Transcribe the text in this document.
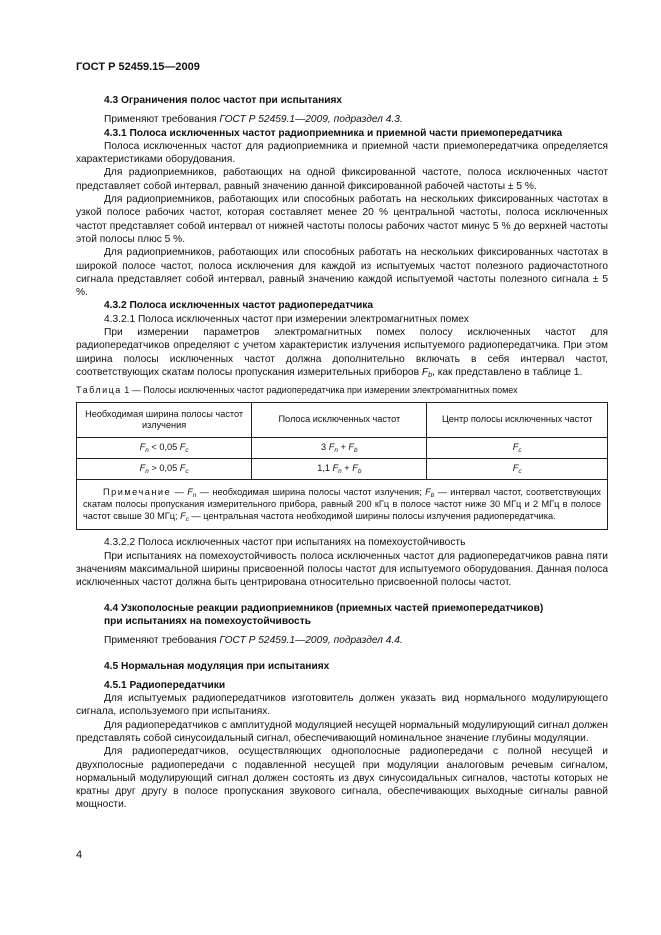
ГОСТ Р 52459.15—2009

4.3 Ограничения полос частот при испытаниях

Применяют требования ГОСТ Р 52459.1—2009, подраздел 4.3.

4.3.1 Полоса исключенных частот радиоприемника и приемной части приемопередатчика

Полоса исключенных частот для радиоприемника и приемной части приемопередатчика определяется характеристиками оборудования.

Для радиоприемников, работающих на одной фиксированной частоте, полоса исключенных частот представляет собой интервал, равный значению данной фиксированной рабочей частоты ± 5 %.

Для радиоприемников, работающих или способных работать на нескольких фиксированных частотах в узкой полосе рабочих частот, которая составляет менее 20 % центральной частоты, полоса исключенных частот представляет собой интервал от нижней частоты полосы рабочих частот минус 5 % до верхней частоты этой полосы плюс 5 %.

Для радиоприемников, работающих или способных работать на нескольких фиксированных частотах в широкой полосе частот, полоса исключения для каждой из испытуемых частот полезного радиочастотного сигнала представляет собой интервал, равный значению каждой испытуемой частоты полезного сигнала ± 5 %.

4.3.2 Полоса исключенных частот радиопередатчика

4.3.2.1 Полоса исключенных частот при измерении электромагнитных помех

При измерении параметров электромагнитных помех полосу исключенных частот для радиопередатчиков определяют с учетом характеристик излучения испытуемого радиопередатчика. При этом ширина полосы исключенных частот должна дополнительно включать в себя интервал частот, соответствующих скатам полосы пропускания измерительных приборов $F_b$, как представлено в таблице 1.

Таблица 1 — Полосы исключенных частот радиопередатчика при измерении электромагнитных помех
Необходимая ширина полосы частот излучения	Полоса исключенных частот	Центр полосы исключенных частот
$F_n < 0,05$ $F_c$	3 $F_n + F_b$	$F_c$
$F_n > 0,05$ $F_c$	1,1 $F_n + F_b$	$F_c$
Примечание — $F_n$ — необходимая ширина полосы частот излучения; $F_b$ — интервал частот, соответствующих скатам полосы пропускания измерительного прибора, равный 200 кГц в полосе частот ниже 30 МГц и 2 МГц в полосе частот свыше 30 МГц; $F_c$ — центральная частота необходимой ширины полосы излучения радиопередатчика.		

4.3.2.2 Полоса исключенных частот при испытаниях на помехоустойчивость

При испытаниях на помехоустойчивость полоса исключенных частот для радиопередатчиков равна пяти значениям максимальной ширины присвоенной полосы частот для испытуемого оборудования. Данная полоса исключенных частот должна быть центрирована относительно присвоенной полосы частот.

4.4 Узкополосные реакции радиоприемников (приемных частей приемопередатчиков)

при испытаниях на помехоустойчивость

Применяют требования ГОСТ Р 52459.1—2009, подраздел 4.4.

4.5 Нормальная модуляция при испытаниях

4.5.1 Радиопередатчики

Для испытуемых радиопередатчиков изготовитель должен указать вид нормального модулирующего сигнала, используемого при испытаниях.

Для радиопередатчиков с амплитудной модуляцией несущей нормальный модулирующий сигнал должен представлять собой синусоидальный сигнал, обеспечивающий номинальное значение глубины модуляции.

Для радиопередатчиков, осуществляющих однополосные радиопередачи с полной несущей и двухполосные радиопередачи с подавленной несущей при модуляции аналоговым речевым сигналом, нормальный модулирующий сигнал должен состоять из двух синусоидальных сигналов, частоты которых не кратны друг другу в полосе пропускания звукового сигнала, обеспечивающих выходные сигналы равной мощности.

4
